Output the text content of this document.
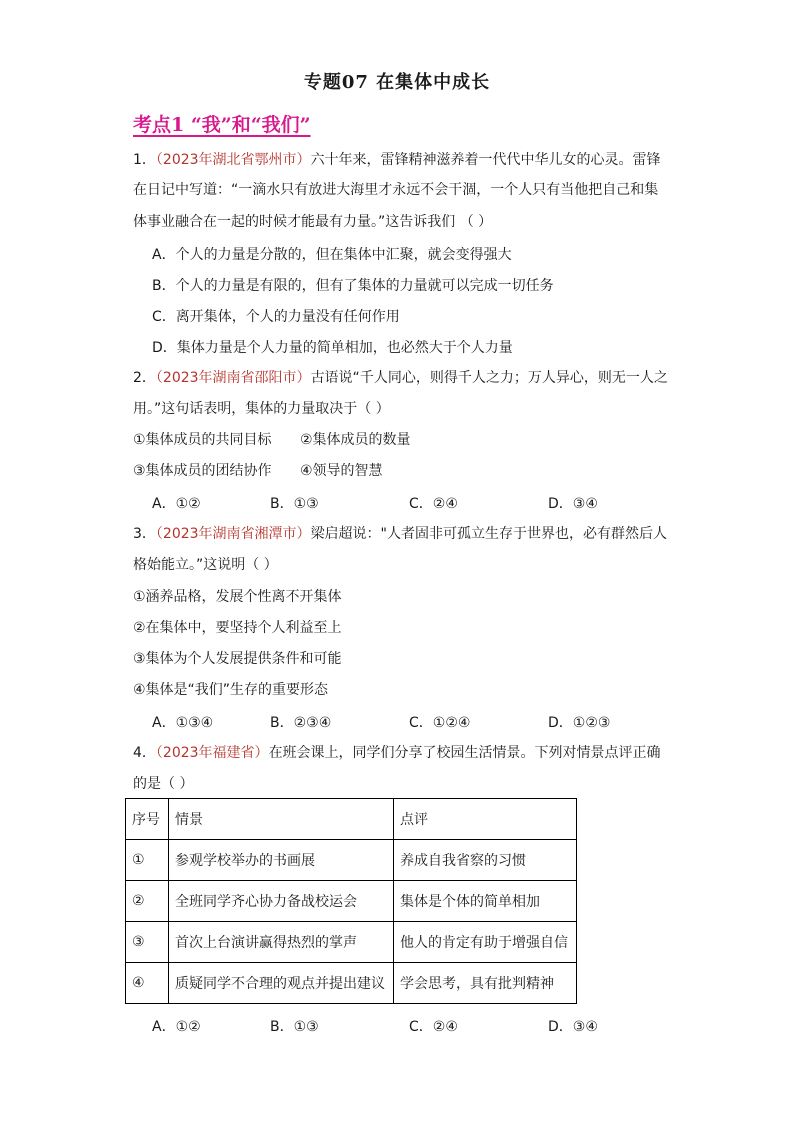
专题07 在集体中成长
考点1 “我”和“我们”
1．（2023年湖北省鄂州市）六十年来，雷锋精神滋养着一代代中华儿女的心灵。雷锋
在日记中写道：“一滴水只有放进大海里才永远不会干涸，一个人只有当他把自己和集
体事业融合在一起的时候才能最有力量。”这告诉我们 （ ）
A．个人的力量是分散的，但在集体中汇聚，就会变得强大
B．个人的力量是有限的，但有了集体的力量就可以完成一切任务
C．离开集体，个人的力量没有任何作用
D．集体力量是个人力量的简单相加，也必然大于个人力量
2．（2023年湖南省邵阳市）古语说“千人同心，则得千人之力；万人异心，则无一人之
用。”这句话表明，集体的力量取决于（ ）
①集体成员的共同目标 ②集体成员的数量
③集体成员的团结协作 ④领导的智慧
A．①②	B．①③	C．②④	D．③④
3．（2023年湖南省湘潭市）梁启超说："人者固非可孤立生存于世界也，必有群然后人
格始能立。”这说明（ ）
①涵养品格，发展个性离不开集体
②在集体中，要坚持个人利益至上
③集体为个人发展提供条件和可能
④集体是“我们”生存的重要形态
A．①③④	B．②③④	C．①②④	D．①②③
4．（2023年福建省）在班会课上，同学们分享了校园生活情景。下列对情景点评正确
的是（ ）
序号	情景	点评
①	参观学校举办的书画展	养成自我省察的习惯
②	全班同学齐心协力备战校运会	集体是个体的简单相加
③	首次上台演讲赢得热烈的掌声	他人的肯定有助于增强自信
④	质疑同学不合理的观点并提出建议	学会思考，具有批判精神
A．①②	B．①③	C．②④	D．③④
